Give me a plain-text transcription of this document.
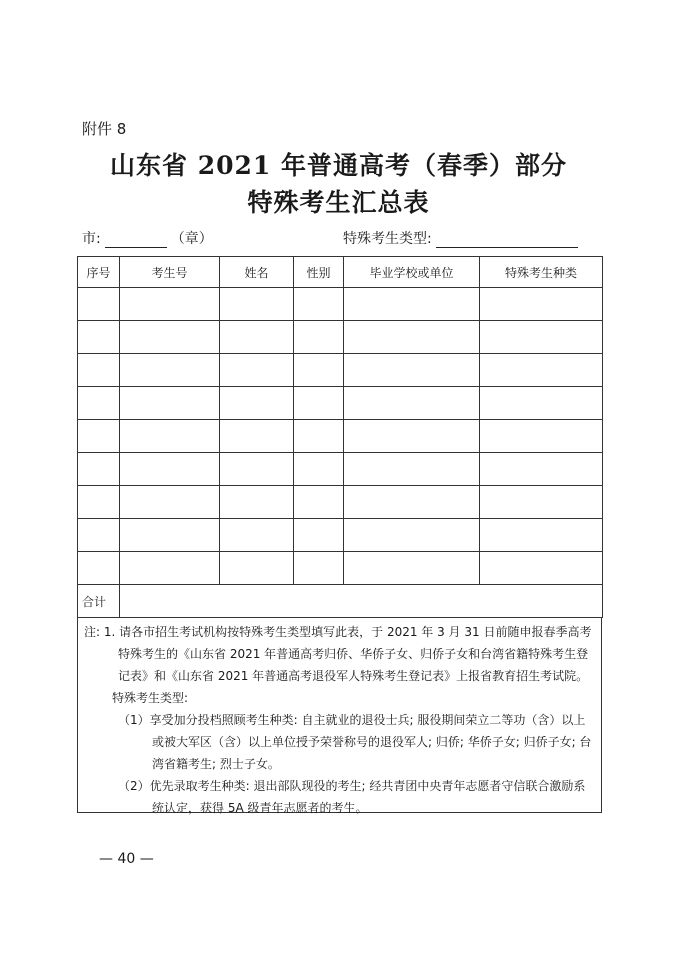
附件 8
山东省 2021 年普通高考（春季）部分
特殊考生汇总表
市:	（章）	特殊考生类型:
序号	考生号	姓名	性别	毕业学校或单位	特殊考生种类

合计					

注: 1. 请各市招生考试机构按特殊考生类型填写此表，于 2021 年 3 月 31 日前随申报春季高考特殊考生的《山东省 2021 年普通高考归侨、华侨子女、归侨子女和台湾省籍特殊考生登记表》和《山东省 2021 年普通高考退役军人特殊考生登记表》上报省教育招生考试院。

特殊考生类型:

（1）享受加分投档照顾考生种类: 自主就业的退役士兵; 服役期间荣立二等功（含）以上或被大军区（含）以上单位授予荣誉称号的退役军人; 归侨; 华侨子女; 归侨子女; 台湾省籍考生; 烈士子女。

（2）优先录取考生种类: 退出部队现役的考生; 经共青团中央青年志愿者守信联合激励系统认定，获得 5A 级青年志愿者的考生。

— 40 —
